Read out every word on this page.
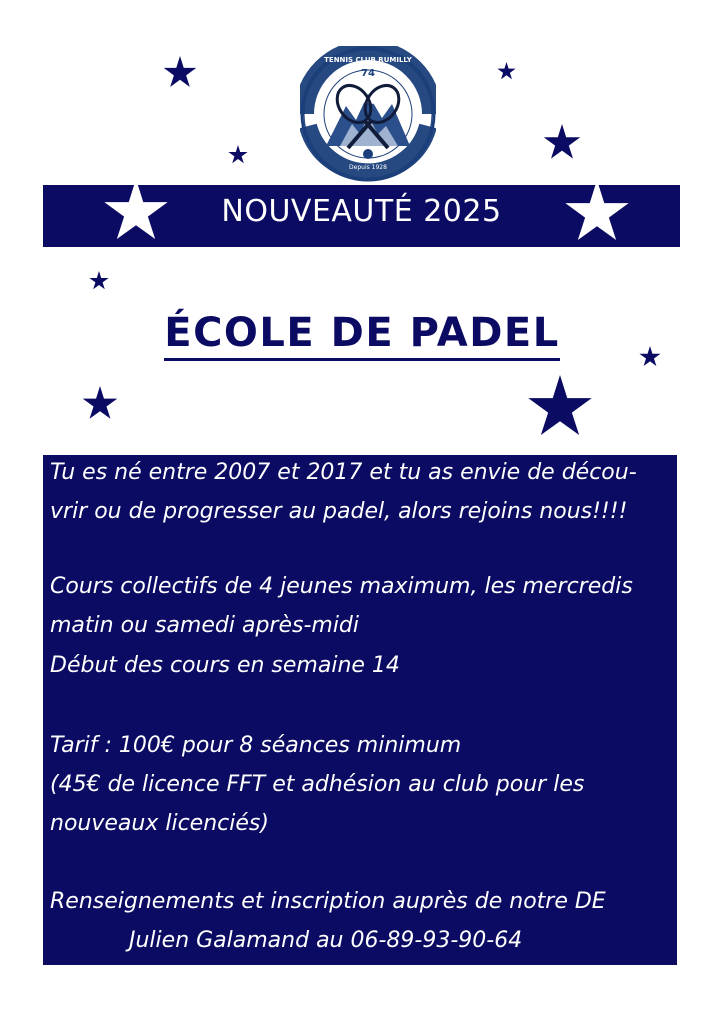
TENNIS CLUB RUMILLY
74
Depuis 1928
NOUVEAUTÉ 2025
ÉCOLE DE PADEL
Tu es né entre 2007 et 2017 et tu as envie de décou-
vrir ou de progresser au padel, alors rejoins nous!!!!
Cours collectifs de 4 jeunes maximum, les mercredis
matin ou samedi après-midi
Début des cours en semaine 14
Tarif : 100€ pour 8 séances minimum
(45€ de licence FFT et adhésion au club pour les
nouveaux licenciés)
Renseignements et inscription auprès de notre DE
Julien Galamand au 06-89-93-90-64
